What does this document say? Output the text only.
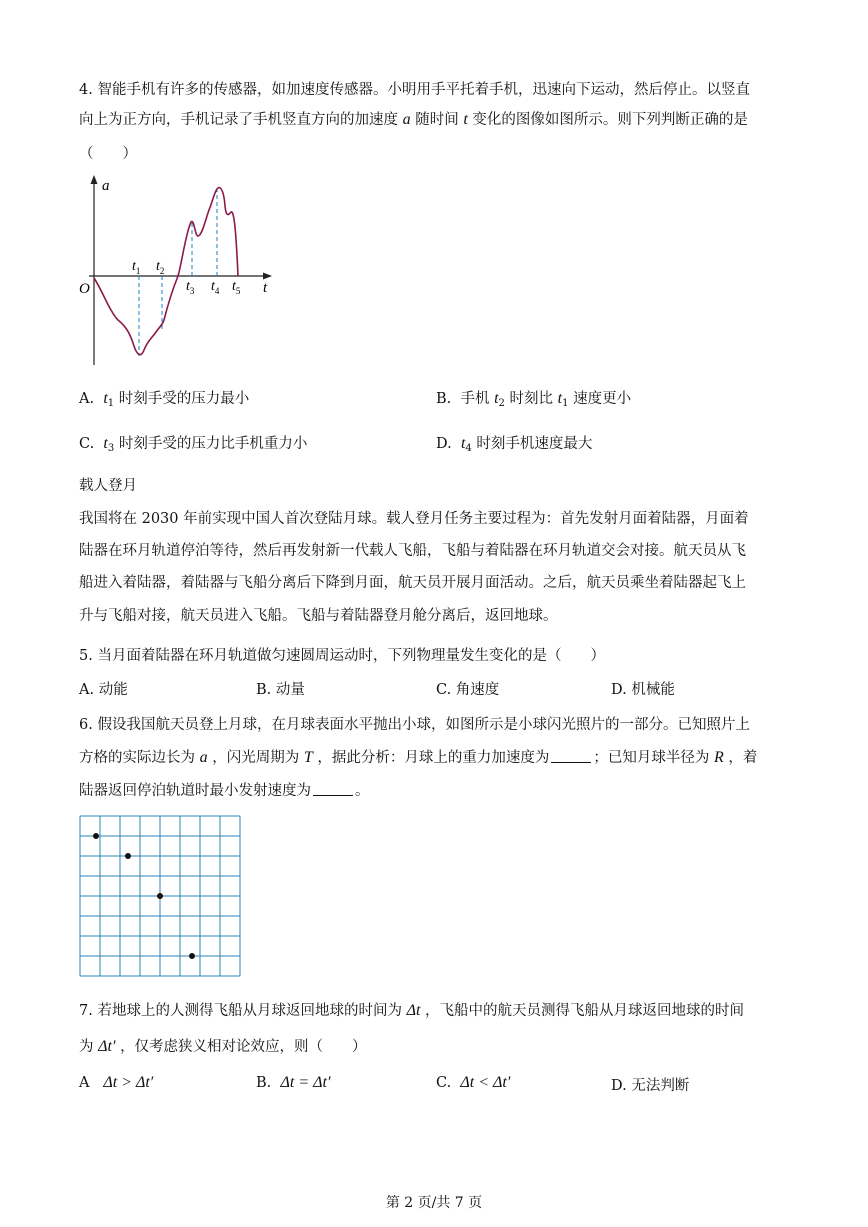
4. 智能手机有许多的传感器，如加速度传感器。小明用手平托着手机，迅速向下运动，然后停止。以竖直
向上为正方向，手机记录了手机竖直方向的加速度 a 随时间 t 变化的图像如图所示。则下列判断正确的是
（　　）
a
t
O
$t_1$ $t_2$
$t_3$ $t_4$ $t_5$
A. $t_1$ 时刻手受的压力最小	B. 手机 $t_2$ 时刻比 $t_1$ 速度更小
C. $t_3$ 时刻手受的压力比手机重力小	D. $t_4$ 时刻手机速度最大
载人登月
我国将在 2030 年前实现中国人首次登陆月球。载人登月任务主要过程为：首先发射月面着陆器，月面着
陆器在环月轨道停泊等待，然后再发射新一代载人飞船，飞船与着陆器在环月轨道交会对接。航天员从飞
船进入着陆器，着陆器与飞船分离后下降到月面，航天员开展月面活动。之后，航天员乘坐着陆器起飞上
升与飞船对接，航天员进入飞船。飞船与着陆器登月舱分离后，返回地球。
5. 当月面着陆器在环月轨道做匀速圆周运动时，下列物理量发生变化的是（　　）
A. 动能	B. 动量	C. 角速度	D. 机械能
6. 假设我国航天员登上月球，在月球表面水平抛出小球，如图所示是小球闪光照片的一部分。已知照片上
方格的实际边长为 a ，闪光周期为 T ，据此分析：月球上的重力加速度为	；已知月球半径为 R ，着
陆器返回停泊轨道时最小发射速度为	。
7. 若地球上的人测得飞船从月球返回地球的时间为 Δt ，飞船中的航天员测得飞船从月球返回地球的时间
为 Δt′ ，仅考虑狭义相对论效应，则（　　）
A Δt > Δt′	B. Δt = Δt′	C. Δt < Δt′	D. 无法判断
第 2 页/共 7 页
